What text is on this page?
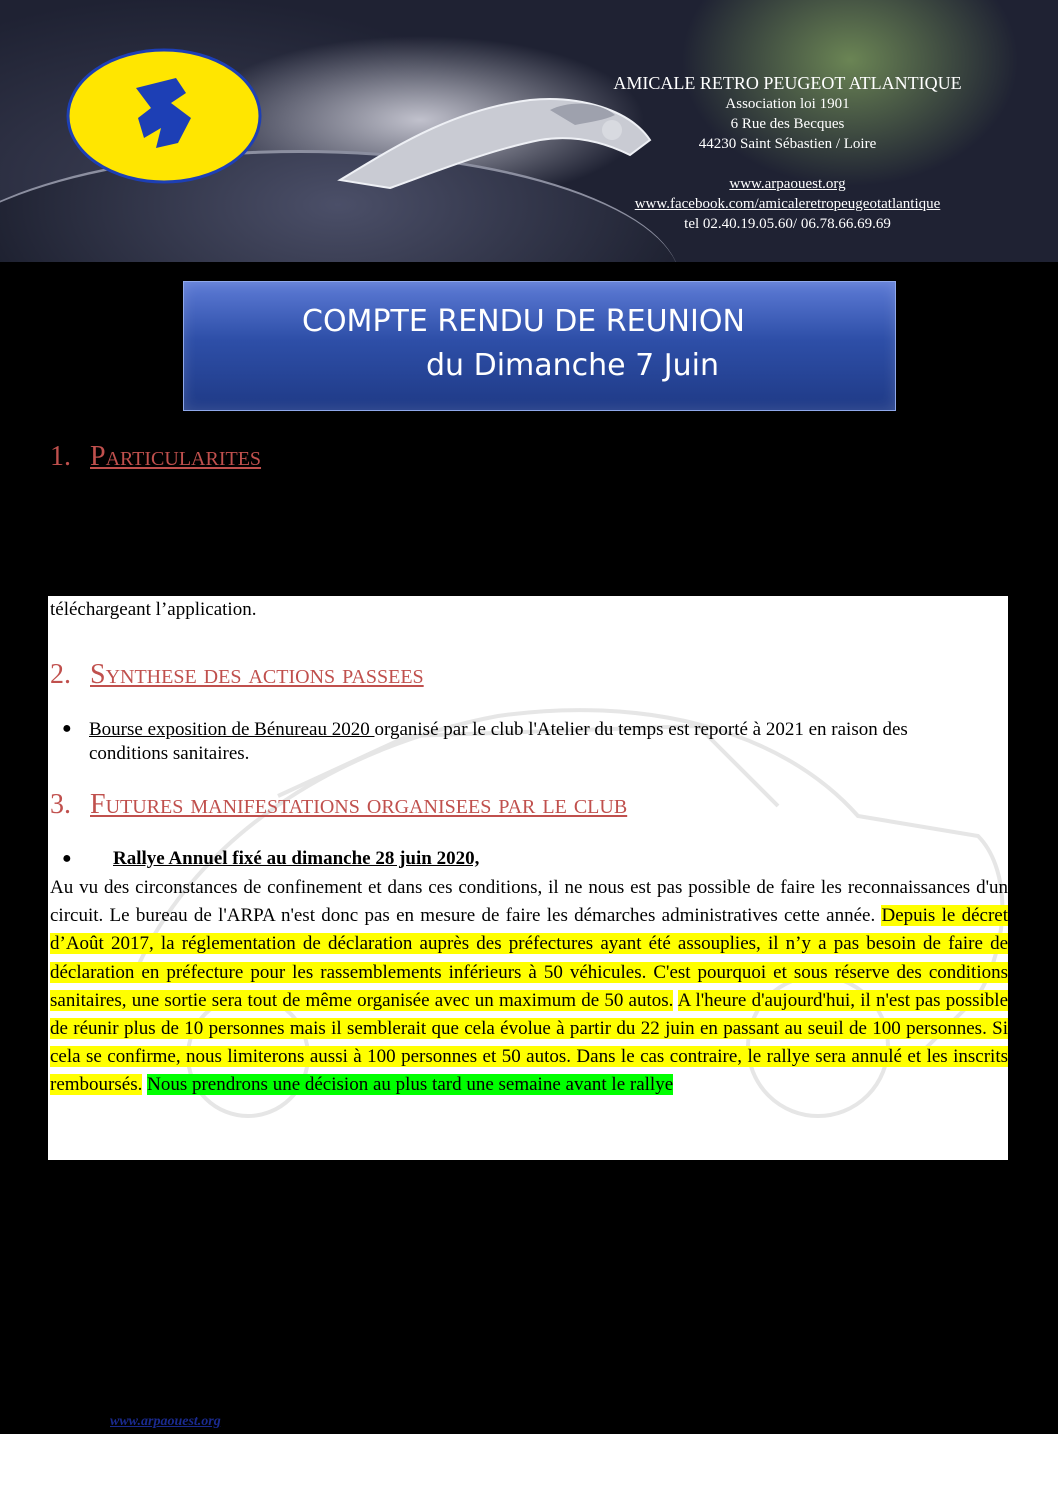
AMICALE RETRO PEUGEOT ATLANTIQUE
Association loi 1901
6 Rue des Becques
44230 Saint Sébastien / Loire
www.arpaouest.org
www.facebook.com/amicaleretropeugeotatlantique
tel 02.40.19.05.60/ 06.78.66.69.69
COMPTE RENDU DE REUNION
du Dimanche 7 Juin
1. Particularites
téléchargeant l’application.
2. Synthese des actions passees
● Bourse exposition de Bénureau 2020 organisé par le club l'Atelier du temps est reporté à 2021 en raison des conditions sanitaires.
3. Futures manifestations organisees par le club
● Rallye Annuel fixé au dimanche 28 juin 2020,
Au vu des circonstances de confinement et dans ces conditions, il ne nous est pas possible de faire les reconnaissances d'un circuit. Le bureau de l'ARPA n'est donc pas en mesure de faire les démarches administratives cette année. Depuis le décret d’Août 2017, la réglementation de déclaration auprès des préfectures ayant été assouplies, il n’y a pas besoin de faire de déclaration en préfecture pour les rassemblements inférieurs à 50 véhicules. C'est pourquoi et sous réserve des conditions sanitaires, une sortie sera tout de même organisée avec un maximum de 50 autos. A l'heure d'aujourd'hui, il n'est pas possible de réunir plus de 10 personnes mais il semblerait que cela évolue à partir du 22 juin en passant au seuil de 100 personnes. Si cela se confirme, nous limiterons aussi à 100 personnes et 50 autos. Dans le cas contraire, le rallye sera annulé et les inscrits remboursés. Nous prendrons une décision au plus tard une semaine avant le rallye
www.arpaouest.org
